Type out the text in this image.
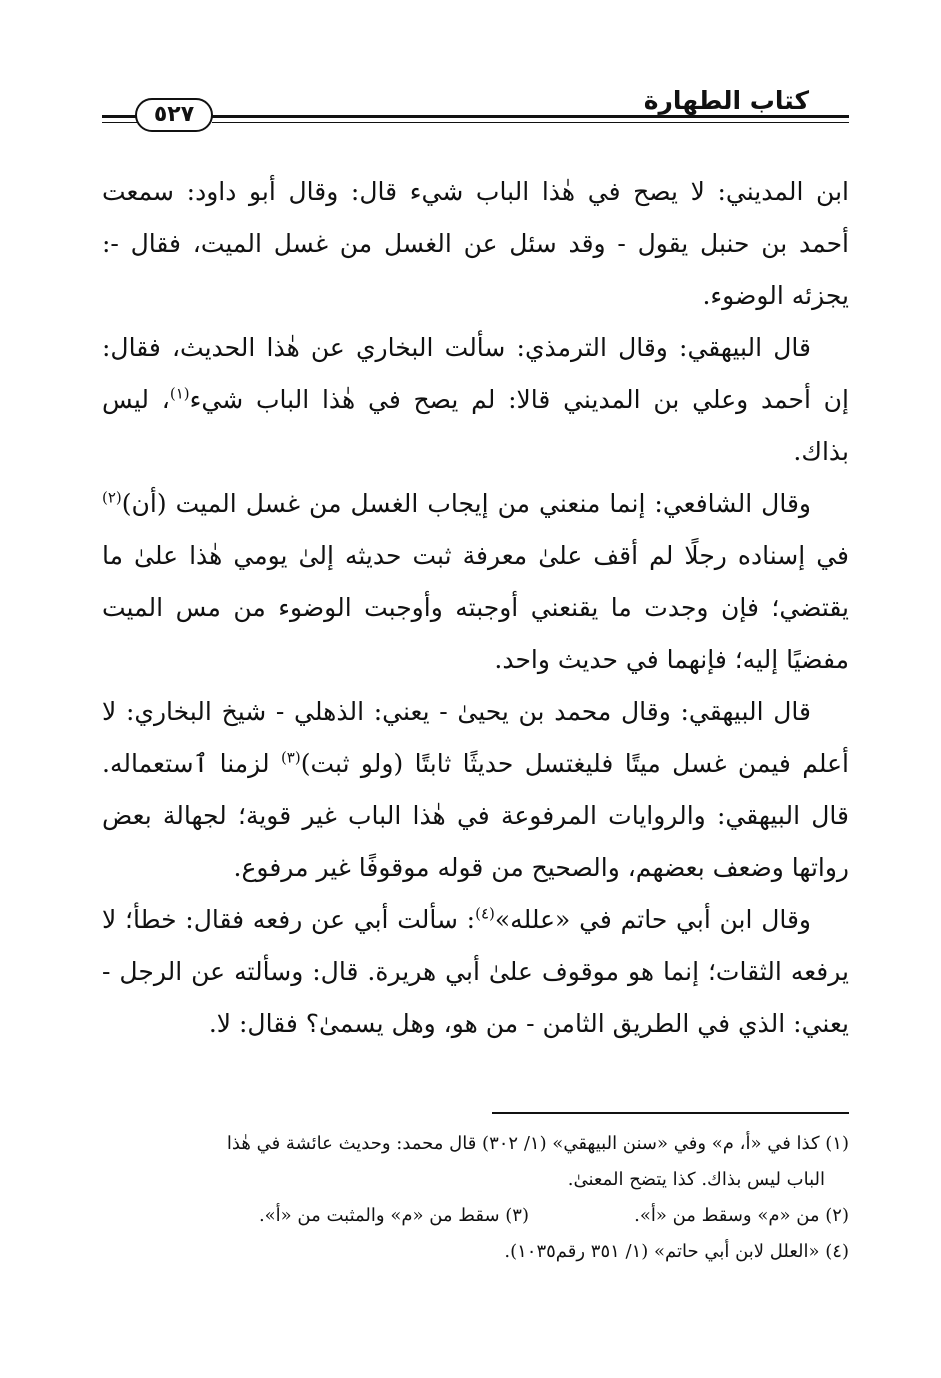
كتاب الطهارة
٥٢٧

ابن المديني: لا يصح في هٰذا الباب شيء قال: وقال أبو داود: سمعت أحمد بن حنبل يقول - وقد سئل عن الغسل من غسل الميت، فقال -: يجزئه الوضوء.

قال البيهقي: وقال الترمذي: سألت البخاري عن هٰذا الحديث، فقال: إن أحمد وعلي بن المديني قالا: لم يصح في هٰذا الباب شيء$^{(١)}$، ليس بذاك.

وقال الشافعي: إنما منعني من إيجاب الغسل من غسل الميت (أن)$^{(٢)}$ في إسناده رجلًا لم أقف علىٰ معرفة ثبت حديثه إلىٰ يومي هٰذا علىٰ ما يقتضي؛ فإن وجدت ما يقنعني أوجبته وأوجبت الوضوء من مس الميت مفضيًا إليه؛ فإنهما في حديث واحد.

قال البيهقي: وقال محمد بن يحيىٰ - يعني: الذهلي - شيخ البخاري: لا أعلم فيمن غسل ميتًا فليغتسل حديثًا ثابتًا (ولو ثبت)$^{(٣)}$ لزمنا ٱستعماله. قال البيهقي: والروايات المرفوعة في هٰذا الباب غير قوية؛ لجهالة بعض رواتها وضعف بعضهم، والصحيح من قوله موقوفًا غير مرفوع.

وقال ابن أبي حاتم في «علله»$^{(٤)}$: سألت أبي عن رفعه فقال: خطأ؛ لا يرفعه الثقات؛ إنما هو موقوف علىٰ أبي هريرة. قال: وسألته عن الرجل - يعني: الذي في الطريق الثامن - من هو، وهل يسمىٰ؟ فقال: لا.

(١) كذا في «أ، م» وفي «سنن البيهقي» (١/ ٣٠٢) قال محمد: وحديث عائشة في هٰذا
الباب ليس بذاك. كذا يتضح المعنىٰ.
(٢) من «م» وسقط من «أ».
(٣) سقط من «م» والمثبت من «أ».
(٤) «العلل لابن أبي حاتم» (١/ ٣٥١ رقم١٠٣٥).
